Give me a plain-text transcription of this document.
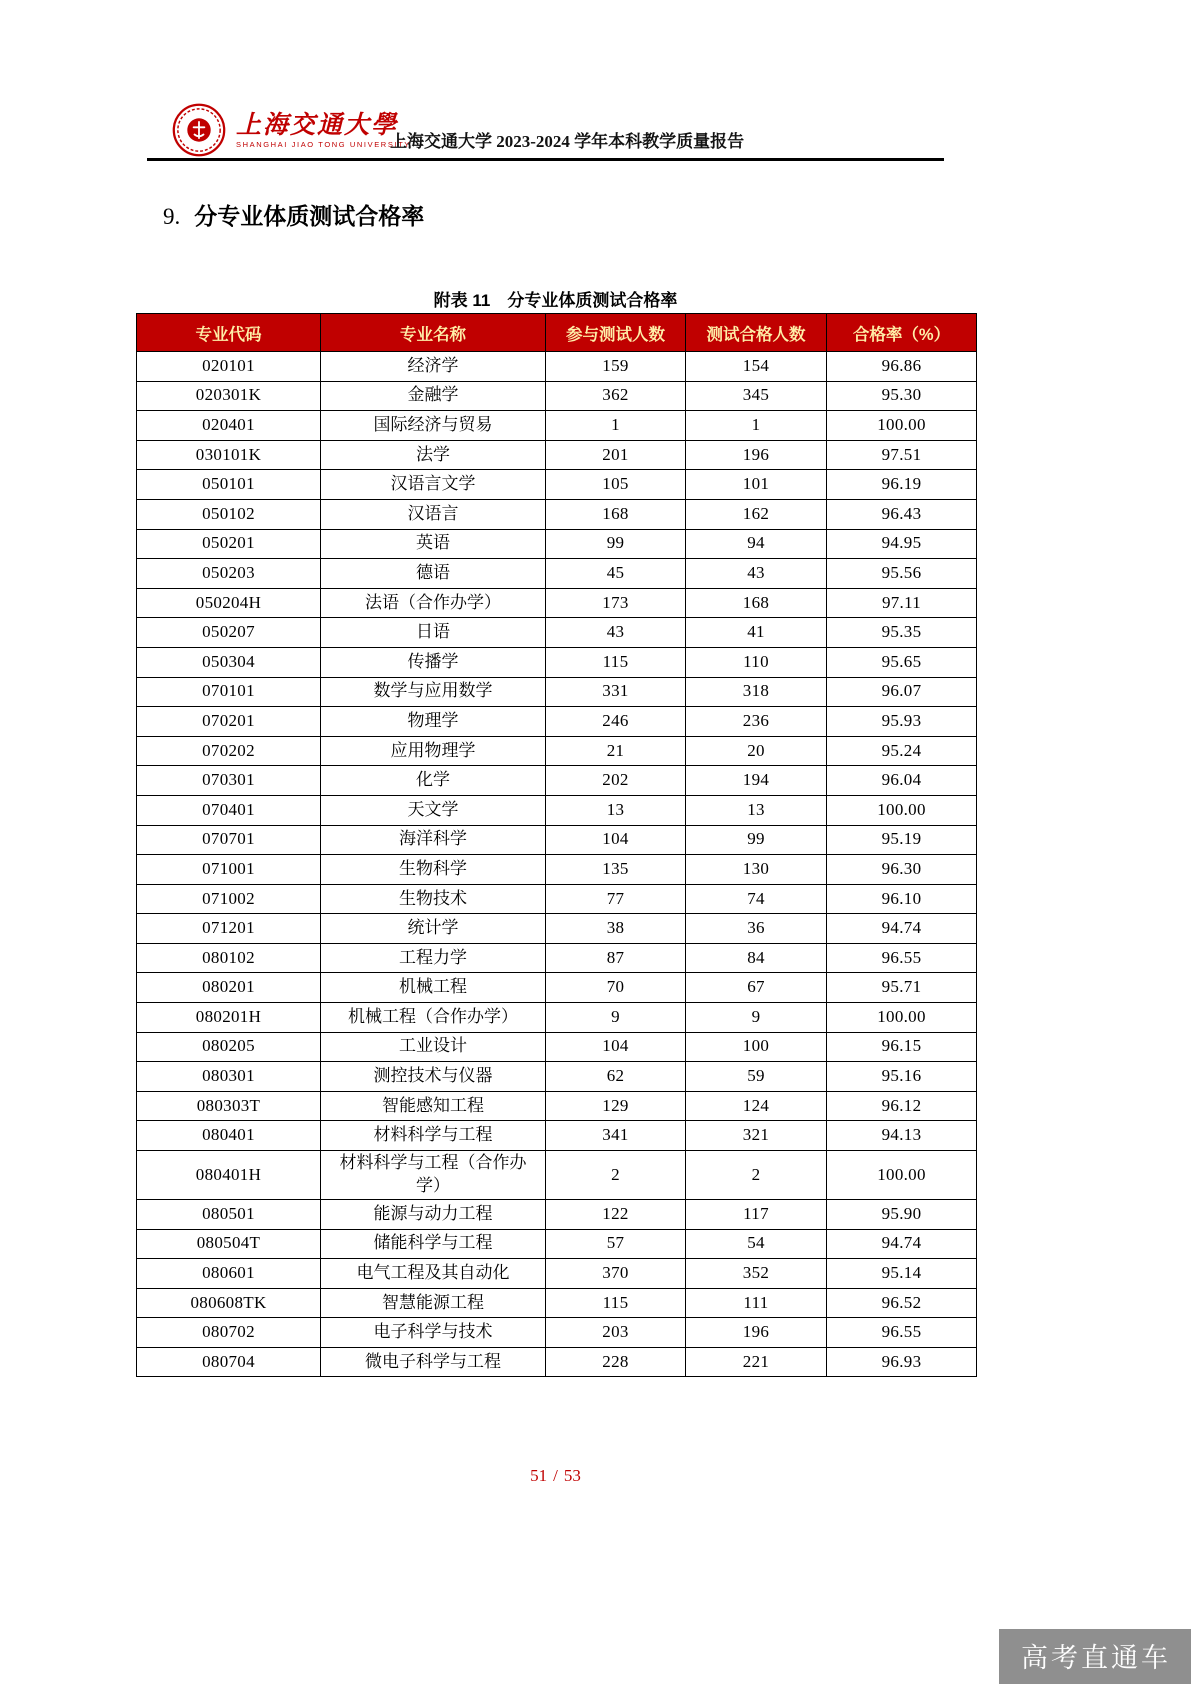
上海交通大學
SHANGHAI JIAO TONG UNIVERSITY
上海交通大学 2023-2024 学年本科教学质量报告
9. 分专业体质测试合格率
附表 11　分专业体质测试合格率
专业代码	专业名称	参与测试人数	测试合格人数	合格率（%）
020101	经济学	159	154	96.86
020301K	金融学	362	345	95.30
020401	国际经济与贸易	1	1	100.00
030101K	法学	201	196	97.51
050101	汉语言文学	105	101	96.19
050102	汉语言	168	162	96.43
050201	英语	99	94	94.95
050203	德语	45	43	95.56
050204H	法语（合作办学）	173	168	97.11
050207	日语	43	41	95.35
050304	传播学	115	110	95.65
070101	数学与应用数学	331	318	96.07
070201	物理学	246	236	95.93
070202	应用物理学	21	20	95.24
070301	化学	202	194	96.04
070401	天文学	13	13	100.00
070701	海洋科学	104	99	95.19
071001	生物科学	135	130	96.30
071002	生物技术	77	74	96.10
071201	统计学	38	36	94.74
080102	工程力学	87	84	96.55
080201	机械工程	70	67	95.71
080201H	机械工程（合作办学）	9	9	100.00
080205	工业设计	104	100	96.15
080301	测控技术与仪器	62	59	95.16
080303T	智能感知工程	129	124	96.12
080401	材料科学与工程	341	321	94.13
080401H	材料科学与工程（合作办学）	2	2	100.00
080501	能源与动力工程	122	117	95.90
080504T	储能科学与工程	57	54	94.74
080601	电气工程及其自动化	370	352	95.14
080608TK	智慧能源工程	115	111	96.52
080702	电子科学与技术	203	196	96.55
080704	微电子科学与工程	228	221	96.93
51 / 53
高考直通车
